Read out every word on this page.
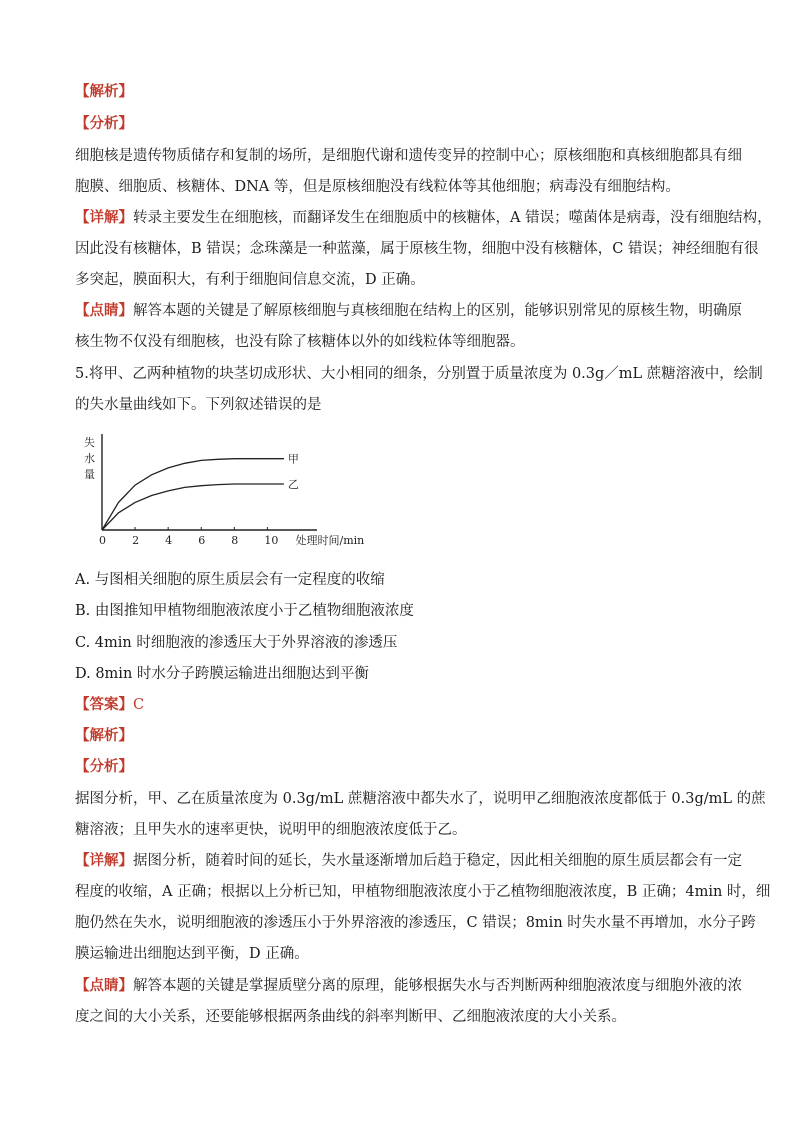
【解析】
【分析】
细胞核是遗传物质储存和复制的场所，是细胞代谢和遗传变异的控制中心；原核细胞和真核细胞都具有细
胞膜、细胞质、核糖体、DNA 等，但是原核细胞没有线粒体等其他细胞；病毒没有细胞结构。
【详解】转录主要发生在细胞核，而翻译发生在细胞质中的核糖体，A 错误；噬菌体是病毒，没有细胞结构，
因此没有核糖体，B 错误；念珠藻是一种蓝藻，属于原核生物，细胞中没有核糖体，C 错误；神经细胞有很
多突起，膜面积大，有利于细胞间信息交流，D 正确。
【点睛】解答本题的关键是了解原核细胞与真核细胞在结构上的区别，能够识别常见的原核生物，明确原
核生物不仅没有细胞核，也没有除了核糖体以外的如线粒体等细胞器。
5.将甲、乙两种植物的块茎切成形状、大小相同的细条，分别置于质量浓度为 0.3g／mL 蔗糖溶液中，绘制
的失水量曲线如下。下列叙述错误的是
失
水
量
0 2 4 6 8 10 处理时间/min
甲
乙
A. 与图相关细胞的原生质层会有一定程度的收缩
B. 由图推知甲植物细胞液浓度小于乙植物细胞液浓度
C. 4min 时细胞液的渗透压大于外界溶液的渗透压
D. 8min 时水分子跨膜运输进出细胞达到平衡
【答案】C
【解析】
【分析】
据图分析，甲、乙在质量浓度为 0.3g/mL 蔗糖溶液中都失水了，说明甲乙细胞液浓度都低于 0.3g/mL 的蔗
糖溶液；且甲失水的速率更快，说明甲的细胞液浓度低于乙。
【详解】据图分析，随着时间的延长，失水量逐渐增加后趋于稳定，因此相关细胞的原生质层都会有一定
程度的收缩，A 正确；根据以上分析已知，甲植物细胞液浓度小于乙植物细胞液浓度，B 正确；4min 时，细
胞仍然在失水，说明细胞液的渗透压小于外界溶液的渗透压，C 错误；8min 时失水量不再增加，水分子跨
膜运输进出细胞达到平衡，D 正确。
【点睛】解答本题的关键是掌握质壁分离的原理，能够根据失水与否判断两种细胞液浓度与细胞外液的浓
度之间的大小关系，还要能够根据两条曲线的斜率判断甲、乙细胞液浓度的大小关系。
